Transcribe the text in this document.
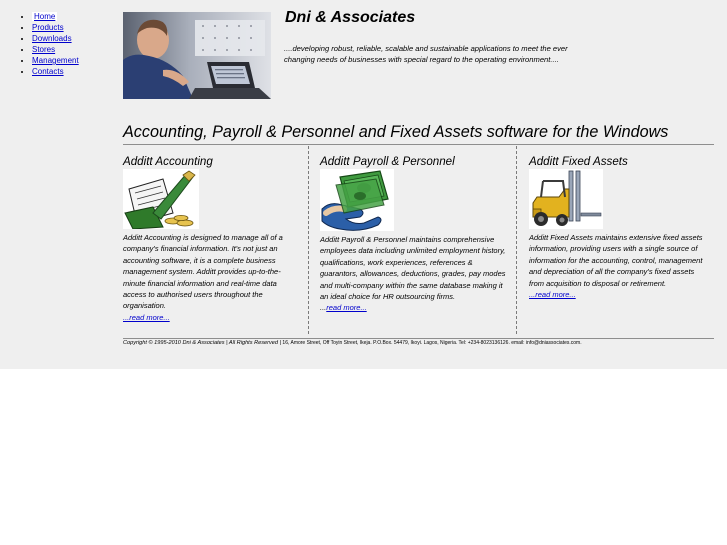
• Home
• Products
• Downloads
• Stores
• Management
• Contacts
Dni & Associates

....developing robust, reliable, scalable and sustainable applications to meet the ever changing needs of businesses with special regard to the operating environment....

Accounting, Payroll & Personnel and Fixed Assets software for the Windows
Additt Accounting

Additt Accounting is designed to manage all of a company's financial information. It's not just an accounting software, it is a complete business management system. Additt provides up-to-the-minute financial information and real-time data access to authorised users throughout the organisation.

...read more...
Additt Payroll & Personnel

Additt Payroll & Personnel maintains comprehensive employees data including unlimited employment history, qualifications, work experiences, references & guarantors, allowances, deductions, grades, pay modes and multi-company within the same database making it an ideal choice for HR outsourcing firms.

...read more...
Additt Fixed Assets

Additt Fixed Assets maintains extensive fixed assets information, providing users with a single source of information for the accounting, control, management and depreciation of all the company's fixed assets from acquisition to disposal or retirement.

...read more...
Copyright © 1995-2010 Dni & Associates | All Rights Reserved | 16, Amore Street, Off Toyin Street, Ikeja. P.O.Box. 54479, Ikoyi. Lagos, Nigeria. Tel: +234-8023136126. email: info@dniassociates.com.
